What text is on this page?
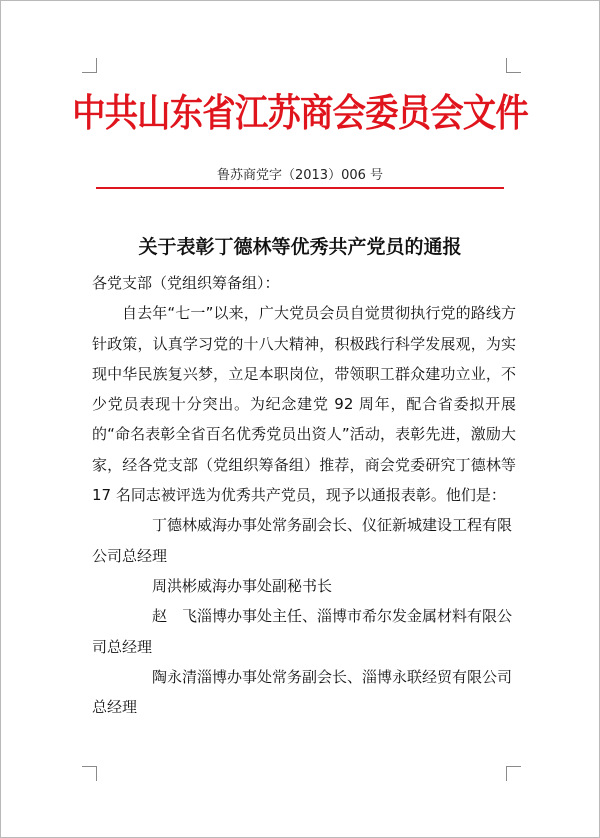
中共山东省江苏商会委员会文件
鲁苏商党字（2013）006 号
关于表彰丁德林等优秀共产党员的通报

各党支部（党组织筹备组）：

自去年“七一”以来，广大党员会员自觉贯彻执行党的路线方针政策，认真学习党的十八大精神，积极践行科学发展观，为实现中华民族复兴梦，立足本职岗位，带领职工群众建功立业，不少党员表现十分突出。为纪念建党 92 周年，配合省委拟开展的“命名表彰全省百名优秀党员出资人”活动，表彰先进，激励大家，经各党支部（党组织筹备组）推荐，商会党委研究丁德林等 17 名同志被评选为优秀共产党员，现予以通报表彰。他们是：

丁德林威海办事处常务副会长、仪征新城建设工程有限公司总经理

周洪彬威海办事处副秘书长

赵　飞淄博办事处主任、淄博市希尔发金属材料有限公司总经理

陶永清淄博办事处常务副会长、淄博永联经贸有限公司总经理
